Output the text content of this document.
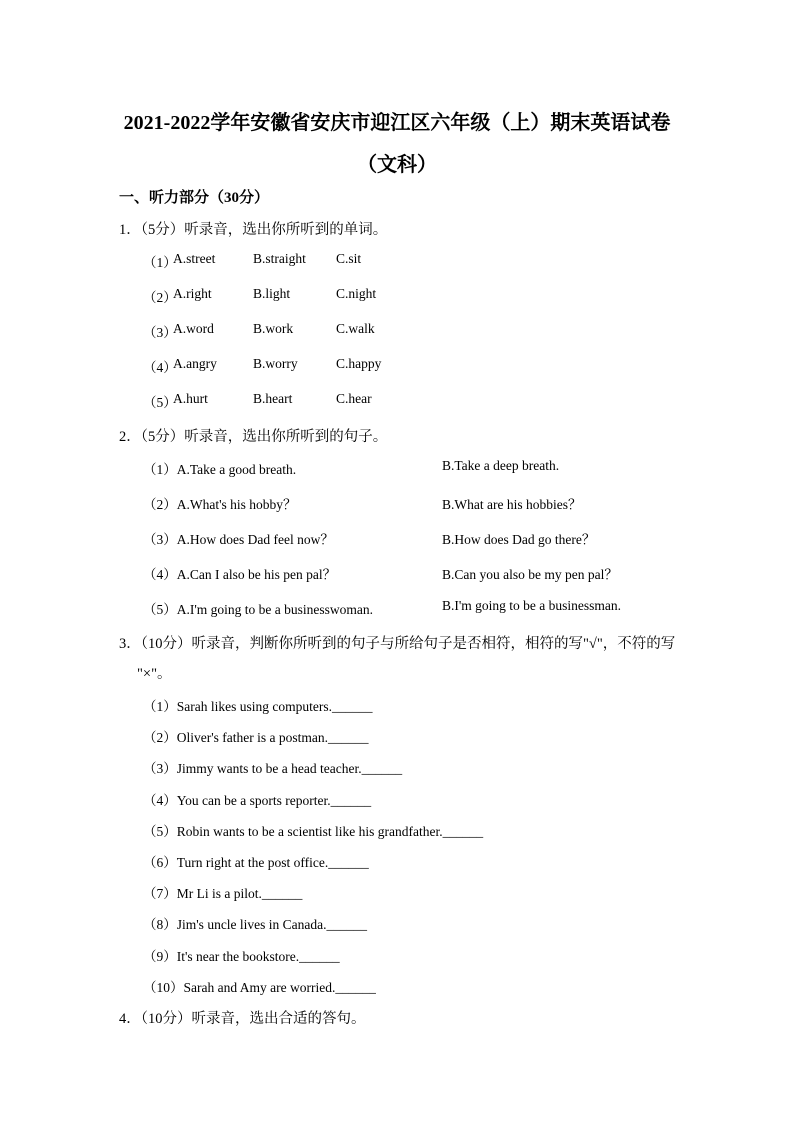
2021-2022学年安徽省安庆市迎江区六年级（上）期末英语试卷
（文科）
一、听力部分（30分）
1．（5分）听录音，选出你所听到的单词。
（1）
A.street	B.straight C.sit
（2）
A.right	B.light	C.night
（3）
A.word	B.work	C.walk
（4）
A.angry	B.worry	C.happy
（5）
A.hurt	B.heart	C.hear
2．（5分）听录音，选出你所听到的句子。
（1）A.Take a good breath.	B.Take a deep breath.
（2）A.What's his hobby？	B.What are his hobbies？
（3）A.How does Dad feel now？	B.How does Dad go there？
（4）A.Can I also be his pen pal？	B.Can you also be my pen pal？
（5）A.I'm going to be a businesswoman.	B.I'm going to be a businessman.
3．（10分）听录音，判断你所听到的句子与所给句子是否相符，相符的写"√"，不符的写
"×"。
（1）Sarah likes using computers.______
（2）Oliver's father is a postman.______
（3）Jimmy wants to be a head teacher.______
（4）You can be a sports reporter.______
（5）Robin wants to be a scientist like his grandfather.______
（6）Turn right at the post office.______
（7）Mr Li is a pilot.______
（8）Jim's uncle lives in Canada.______
（9）It's near the bookstore.______
（10）Sarah and Amy are worried.______
4．（10分）听录音，选出合适的答句。
